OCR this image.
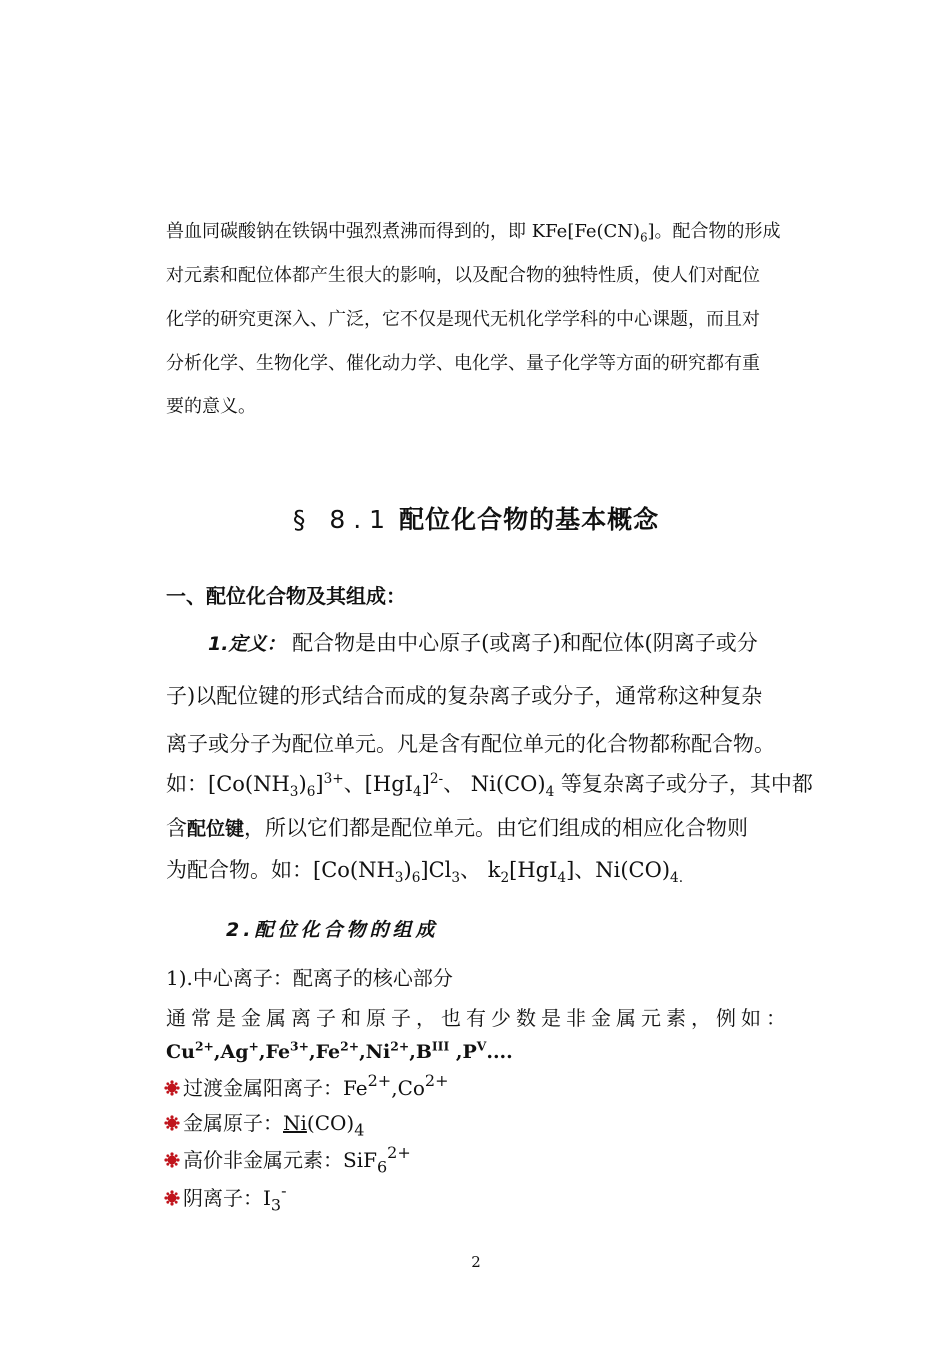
兽血同碳酸钠在铁锅中强烈煮沸而得到的，即 $KFe[Fe(CN)_6]$。配合物的形成
对元素和配位体都产生很大的影响，以及配合物的独特性质，使人们对配位
化学的研究更深入、广泛，它不仅是现代无机化学学科的中心课题，而且对
分析化学、生物化学、催化动力学、电化学、量子化学等方面的研究都有重
要的意义。
§ 8.1 配位化合物的基本概念
一、配位化合物及其组成：
1.定义： 配合物是由中心原子(或离子)和配位体(阴离子或分
子)以配位键的形式结合而成的复杂离子或分子，通常称这种复杂
离子或分子为配位单元。凡是含有配位单元的化合物都称配合物。
如：$[Co(NH_3)_6]^{3+}$、$[HgI_4]^{2-}$、 $Ni(CO)_4$ 等复杂离子或分子，其中都
含配位键，所以它们都是配位单元。由它们组成的相应化合物则
为配合物。如：$[Co(NH_3)_6]Cl_3$、 $k_2[HgI_4]$、$Ni(CO)_{4.}$
2.配位化合物的组成
1).中心离子：配离子的核心部分
通常是金属离子和原子，也有少数是非金属元素，例如：
$Cu^{2+},Ag^+,Fe^{3+},Fe^{2+},Ni^{2+},B^{III}$ $,P^V$....
过渡金属阳离子：$Fe^{2+},Co^{2+}$
金属原子：$Ni(CO)_4$
高价非金属元素：SiF$_6^{2+}$
阴离子：$I_3^-$
2
